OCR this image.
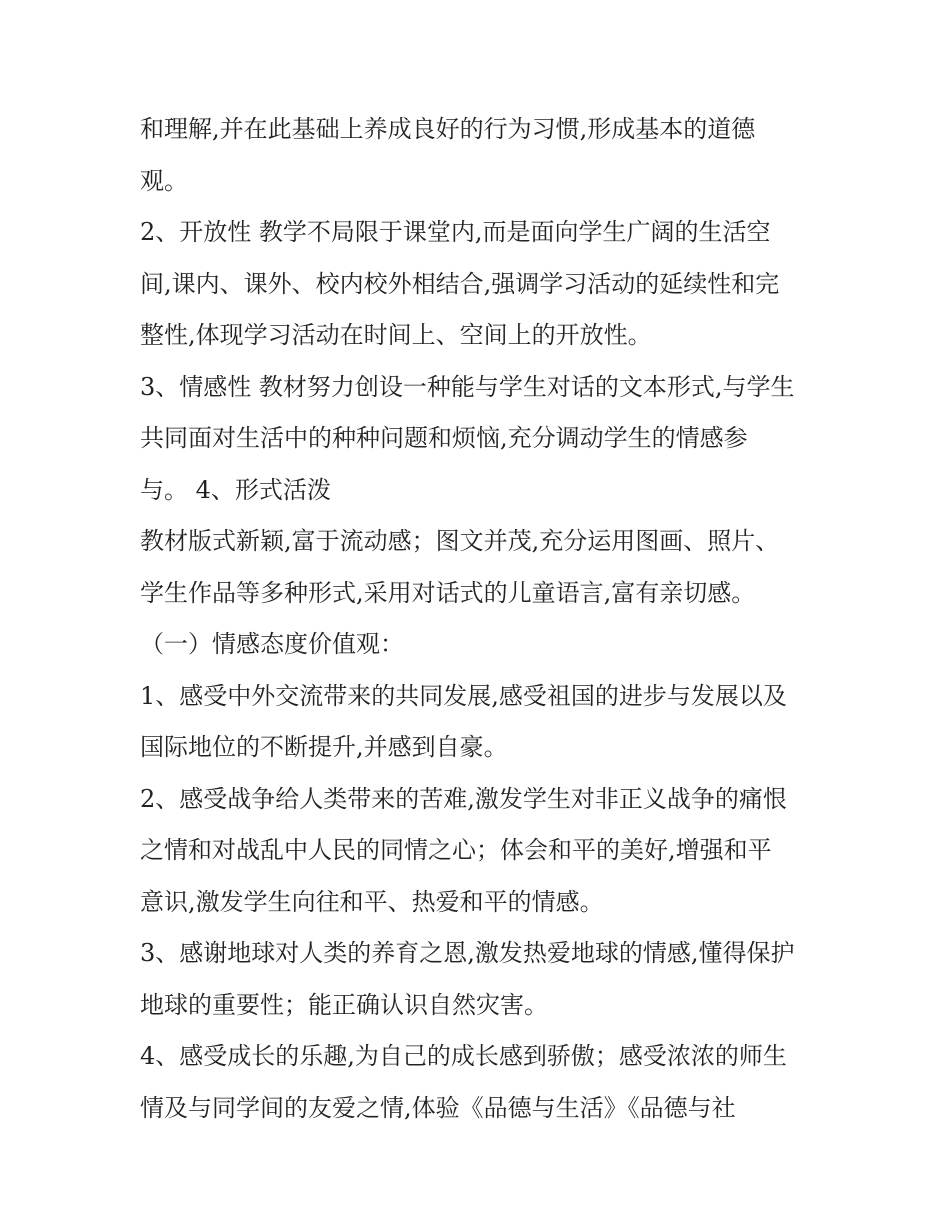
和理解,并在此基础上养成良好的行为习惯,形成基本的道德
观。
2、开放性 教学不局限于课堂内,而是面向学生广阔的生活空
间,课内、课外、校内校外相结合,强调学习活动的延续性和完
整性,体现学习活动在时间上、空间上的开放性。
3、情感性 教材努力创设一种能与学生对话的文本形式,与学生
共同面对生活中的种种问题和烦恼,充分调动学生的情感参
与。 4、形式活泼
教材版式新颖,富于流动感；图文并茂,充分运用图画、照片、
学生作品等多种形式,采用对话式的儿童语言,富有亲切感。
（一）情感态度价值观：
1、感受中外交流带来的共同发展,感受祖国的进步与发展以及
国际地位的不断提升,并感到自豪。
2、感受战争给人类带来的苦难,激发学生对非正义战争的痛恨
之情和对战乱中人民的同情之心；体会和平的美好,增强和平
意识,激发学生向往和平、热爱和平的情感。
3、感谢地球对人类的养育之恩,激发热爱地球的情感,懂得保护
地球的重要性；能正确认识自然灾害。
4、感受成长的乐趣,为自己的成长感到骄傲；感受浓浓的师生
情及与同学间的友爱之情,体验《品德与生活》《品德与社
